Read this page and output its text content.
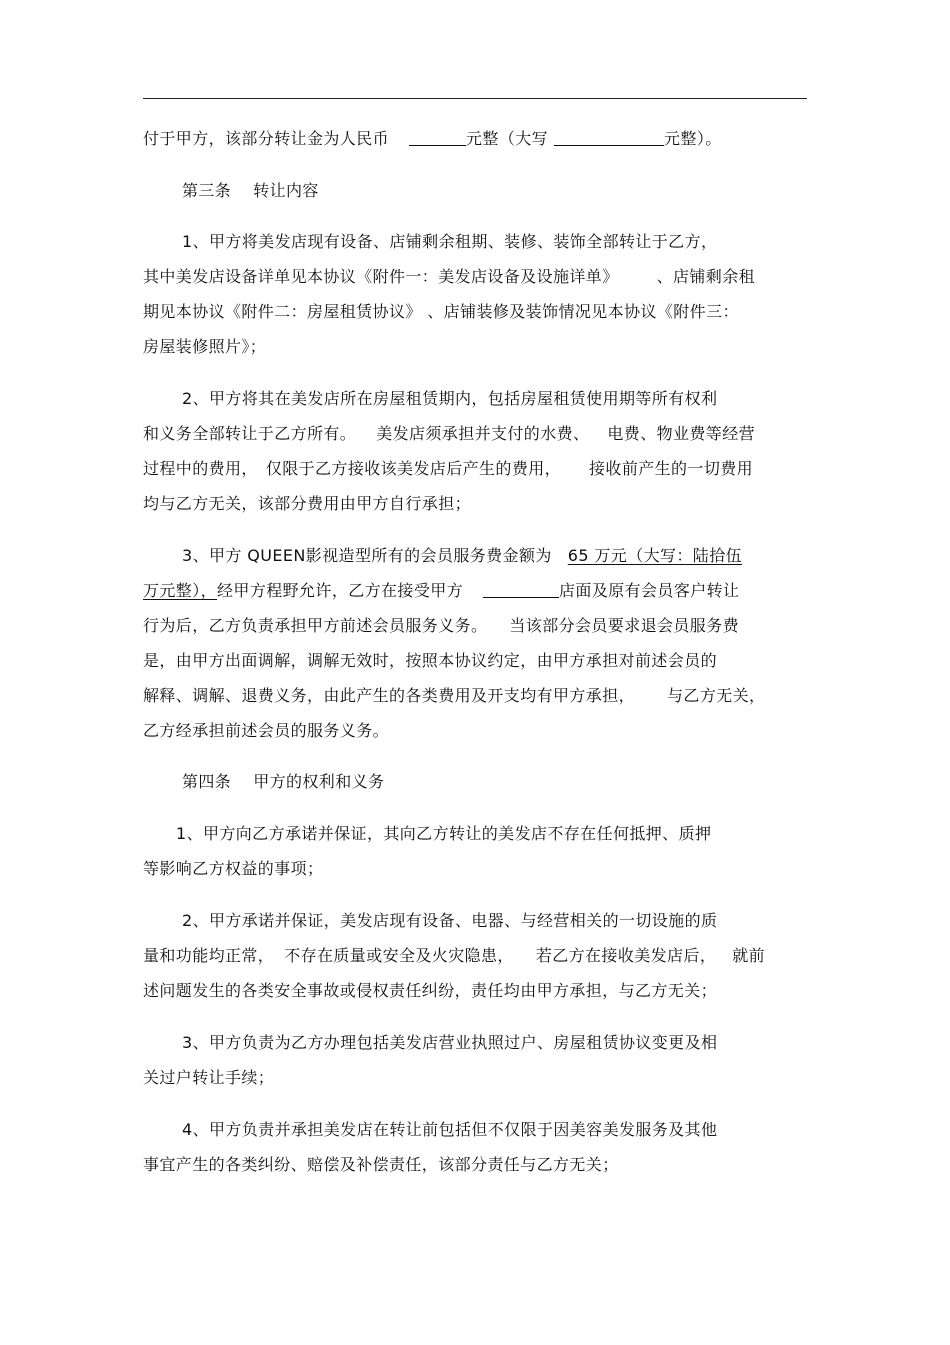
付于甲方，该部分转让金为人民币	元整（大写	元整）。
第三条 转让内容
1、甲方将美发店现有设备、店铺剩余租期、装修、装饰全部转让于乙方，
其中美发店设备详单见本协议《附件一：美发店设备及设施详单》 、店铺剩余租
期见本协议《附件二：房屋租赁协议》 、店铺装修及装饰情况见本协议《附件三：
房屋装修照片》；
2、甲方将其在美发店所在房屋租赁期内，包括房屋租赁使用期等所有权利
和义务全部转让于乙方所有。 美发店须承担并支付的水费、 电费、物业费等经营
过程中的费用， 仅限于乙方接收该美发店后产生的费用， 接收前产生的一切费用
均与乙方无关，该部分费用由甲方自行承担；
3、甲方 QUEEN影视造型所有的会员服务费金额为 65 万元（大写：陆拾伍
万元整），经甲方程野允许，乙方在接受甲方	店面及原有会员客户转让
行为后，乙方负责承担甲方前述会员服务义务。 当该部分会员要求退会员服务费
是，由甲方出面调解，调解无效时，按照本协议约定，由甲方承担对前述会员的
解释、调解、退费义务，由此产生的各类费用及开支均有甲方承担， 与乙方无关，
乙方经承担前述会员的服务义务。
第四条 甲方的权利和义务
1、甲方向乙方承诺并保证，其向乙方转让的美发店不存在任何抵押、质押
等影响乙方权益的事项；
2、甲方承诺并保证，美发店现有设备、电器、与经营相关的一切设施的质
量和功能均正常， 不存在质量或安全及火灾隐患， 若乙方在接收美发店后， 就前
述问题发生的各类安全事故或侵权责任纠纷，责任均由甲方承担，与乙方无关；
3、甲方负责为乙方办理包括美发店营业执照过户、房屋租赁协议变更及相
关过户转让手续；
4、甲方负责并承担美发店在转让前包括但不仅限于因美容美发服务及其他
事宜产生的各类纠纷、赔偿及补偿责任，该部分责任与乙方无关；
